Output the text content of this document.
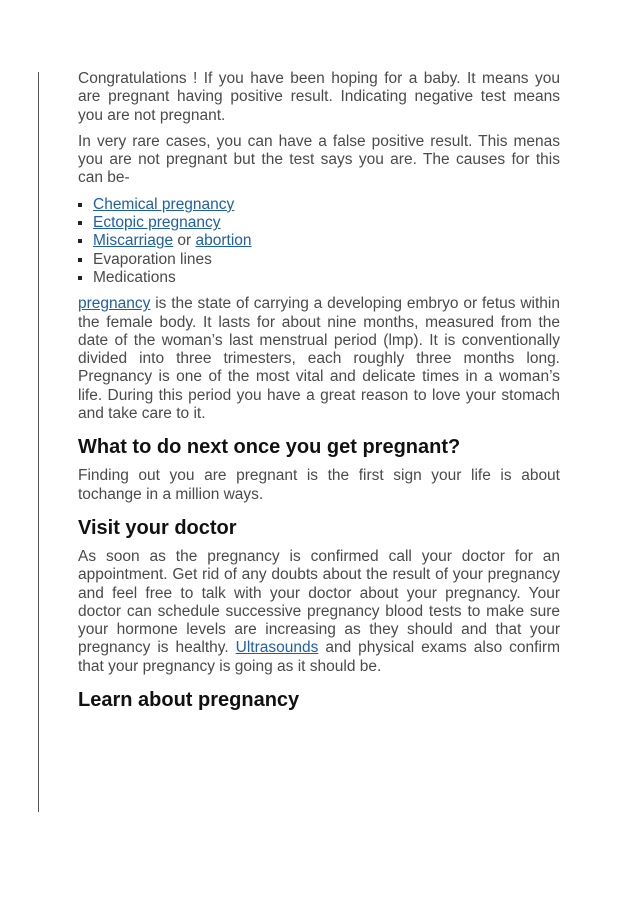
Congratulations ! If you have been hoping for a baby. It means you are pregnant having positive result. Indicating negative test means you are not pregnant.

In very rare cases, you can have a false positive result. This menas you are not pregnant but the test says you are. The causes for this can be-

Chemical pregnancy
Ectopic pregnancy
Miscarriage or abortion
Evaporation lines
Medications

pregnancy is the state of carrying a developing embryo or fetus within the female body. It lasts for about nine months, measured from the date of the woman’s last menstrual period (lmp). It is conventionally divided into three trimesters, each roughly three months long. Pregnancy is one of the most vital and delicate times in a woman’s life. During this period you have a great reason to love your stomach and take care to it.

What to do next once you get pregnant?

Finding out you are pregnant is the first sign your life is about tochange in a million ways.

Visit your doctor

As soon as the pregnancy is confirmed call your doctor for an appointment. Get rid of any doubts about the result of your pregnancy and feel free to talk with your doctor about your pregnancy. Your doctor can schedule successive pregnancy blood tests to make sure your hormone levels are increasing as they should and that your pregnancy is healthy. Ultrasounds and physical exams also confirm that your pregnancy is going as it should be.

Learn about pregnancy
